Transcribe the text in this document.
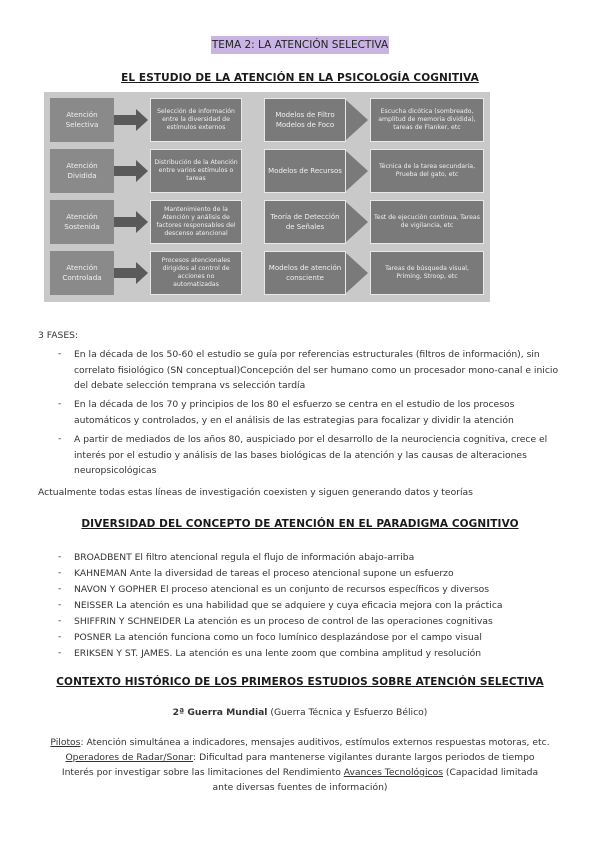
TEMA 2: LA ATENCIÓN SELECTIVA
EL ESTUDIO DE LA ATENCIÓN EN LA PSICOLOGÍA COGNITIVA
Atención Selectiva
Selección de información entre la diversidad de estímulos externos
Modelos de Filtro Modelos de Foco
Escucha dicótica (sombreado, amplitud de memoria dividida), tareas de Flanker, etc
Atención Dividida
Distribución de la Atención entre varios estímulos o tareas
Modelos de Recursos
Técnica de la tarea secundaria, Prueba del gato, etc
Atención Sostenida
Mantenimiento de la Atención y análisis de factores responsables del descenso atencional
Teoría de Detección de Señales
Test de ejecución continua, Tareas de vigilancia, etc
Atención Controlada
Procesos atencionales dirigidos al control de acciones no automatizadas
Modelos de atención consciente
Tareas de búsqueda visual, Priming, Stroop, etc
3 FASES:
- En la década de los 50-60 el estudio se guía por referencias estructurales (filtros de información), sin correlato fisiológico (SN conceptual)Concepción del ser humano como un procesador mono-canal e inicio del debate selección temprana vs selección tardía
- En la década de los 70 y principios de los 80 el esfuerzo se centra en el estudio de los procesos automáticos y controlados, y en el análisis de las estrategias para focalizar y dividir la atención
- A partir de mediados de los años 80, auspiciado por el desarrollo de la neurociencia cognitiva, crece el interés por el estudio y análisis de las bases biológicas de la atención y las causas de alteraciones neuropsicológicas
Actualmente todas estas líneas de investigación coexisten y siguen generando datos y teorías
DIVERSIDAD DEL CONCEPTO DE ATENCIÓN EN EL PARADIGMA COGNITIVO
- BROADBENT El filtro atencional regula el flujo de información abajo-arriba
- KAHNEMAN Ante la diversidad de tareas el proceso atencional supone un esfuerzo
- NAVON Y GOPHER El proceso atencional es un conjunto de recursos específicos y diversos
- NEISSER La atención es una habilidad que se adquiere y cuya eficacia mejora con la práctica
- SHIFFRIN Y SCHNEIDER La atención es un proceso de control de las operaciones cognitivas
- POSNER La atención funciona como un foco lumínico desplazándose por el campo visual
- ERIKSEN Y ST. JAMES. La atención es una lente zoom que combina amplitud y resolución
CONTEXTO HISTÓRICO DE LOS PRIMEROS ESTUDIOS SOBRE ATENCIÓN SELECTIVA
2ª Guerra Mundial (Guerra Técnica y Esfuerzo Bélico)
Pilotos: Atención simultánea a indicadores, mensajes auditivos, estímulos externos respuestas motoras, etc.
Operadores de Radar/Sonar: Dificultad para mantenerse vigilantes durante largos periodos de tiempo
Interés por investigar sobre las limitaciones del Rendimiento Avances Tecnológicos (Capacidad limitada
ante diversas fuentes de información)
